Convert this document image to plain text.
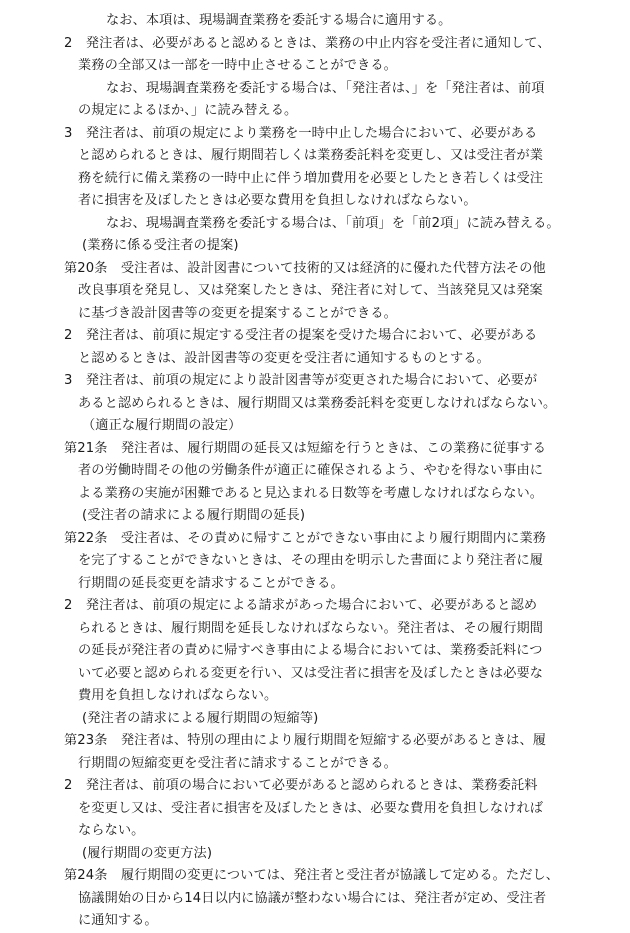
なお、本項は、現場調査業務を委託する場合に適用する。
2　発注者は、必要があると認めるときは、業務の中止内容を受注者に通知して、
業務の全部又は一部を一時中止させることができる。
なお、現場調査業務を委託する場合は、「発注者は、」を「発注者は、前項
の規定によるほか、」に読み替える。
3　発注者は、前項の規定により業務を一時中止した場合において、必要がある
と認められるときは、履行期間若しくは業務委託料を変更し、又は受注者が業
務を続行に備え業務の一時中止に伴う増加費用を必要としたとき若しくは受注
者に損害を及ぼしたときは必要な費用を負担しなければならない。
なお、現場調査業務を委託する場合は、「前項」を「前2項」に読み替える。
(業務に係る受注者の提案)
第20条　受注者は、設計図書について技術的又は経済的に優れた代替方法その他
改良事項を発見し、又は発案したときは、発注者に対して、当該発見又は発案
に基づき設計図書等の変更を提案することができる。
2　発注者は、前項に規定する受注者の提案を受けた場合において、必要がある
と認めるときは、設計図書等の変更を受注者に通知するものとする。
3　発注者は、前項の規定により設計図書等が変更された場合において、必要が
あると認められるときは、履行期間又は業務委託料を変更しなければならない。
（適正な履行期間の設定）
第21条　発注者は、履行期間の延長又は短縮を行うときは、この業務に従事する
者の労働時間その他の労働条件が適正に確保されるよう、やむを得ない事由に
よる業務の実施が困難であると見込まれる日数等を考慮しなければならない。
(受注者の請求による履行期間の延長)
第22条　受注者は、その責めに帰すことができない事由により履行期間内に業務
を完了することができないときは、その理由を明示した書面により発注者に履
行期間の延長変更を請求することができる。
2　発注者は、前項の規定による請求があった場合において、必要があると認め
られるときは、履行期間を延長しなければならない。発注者は、その履行期間
の延長が発注者の責めに帰すべき事由による場合においては、業務委託料につ
いて必要と認められる変更を行い、又は受注者に損害を及ぼしたときは必要な
費用を負担しなければならない。
(発注者の請求による履行期間の短縮等)
第23条　発注者は、特別の理由により履行期間を短縮する必要があるときは、履
行期間の短縮変更を受注者に請求することができる。
2　発注者は、前項の場合において必要があると認められるときは、業務委託料
を変更し又は、受注者に損害を及ぼしたときは、必要な費用を負担しなければ
ならない。
(履行期間の変更方法)
第24条　履行期間の変更については、発注者と受注者が協議して定める。ただし、
協議開始の日から14日以内に協議が整わない場合には、発注者が定め、受注者
に通知する。
